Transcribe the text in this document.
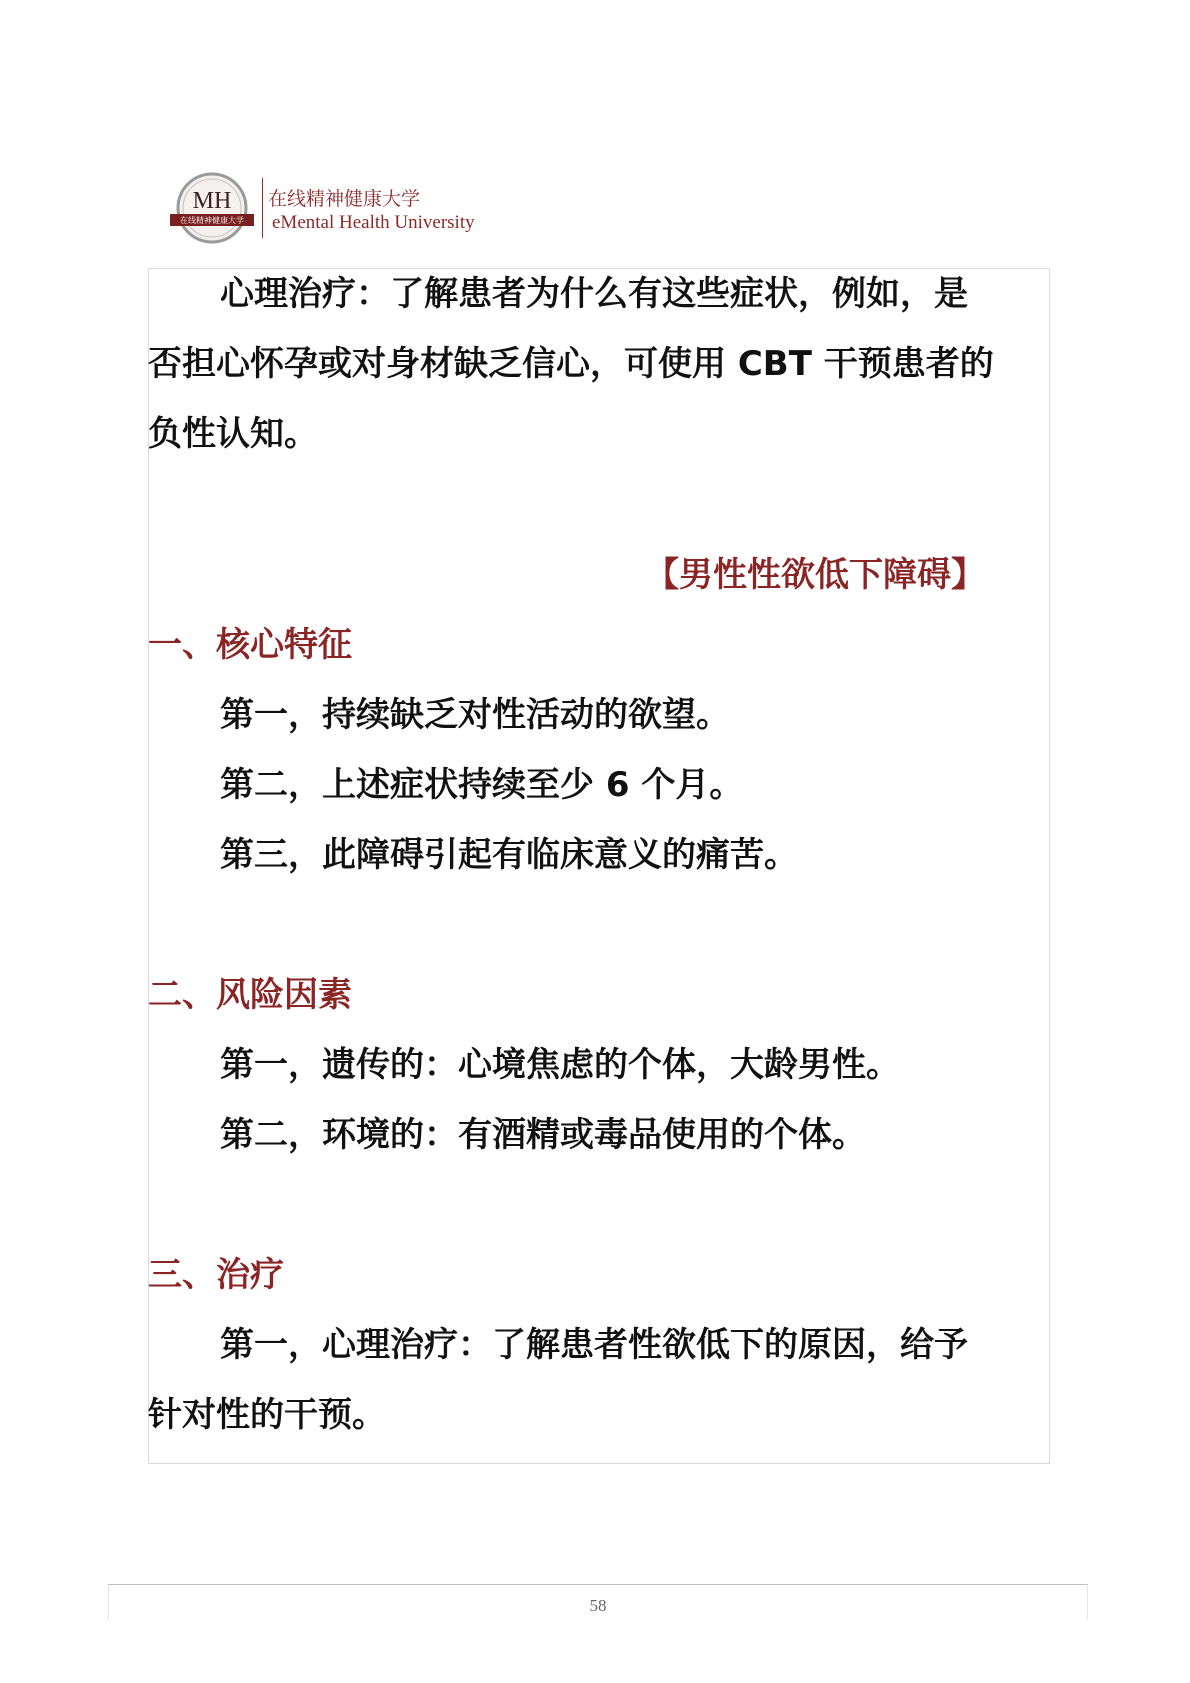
MH
在线精神健康大学
在线精神健康大学
eMental Health University
心理治疗：了解患者为什么有这些症状，例如，是
否担心怀孕或对身材缺乏信心，可使用 CBT 干预患者的
负性认知。
【男性性欲低下障碍】
一、核心特征
第一，持续缺乏对性活动的欲望。
第二，上述症状持续至少 6 个月。
第三，此障碍引起有临床意义的痛苦。
二、风险因素
第一，遗传的：心境焦虑的个体，大龄男性。
第二，环境的：有酒精或毒品使用的个体。
三、治疗
第一，心理治疗：了解患者性欲低下的原因，给予
针对性的干预。
58
